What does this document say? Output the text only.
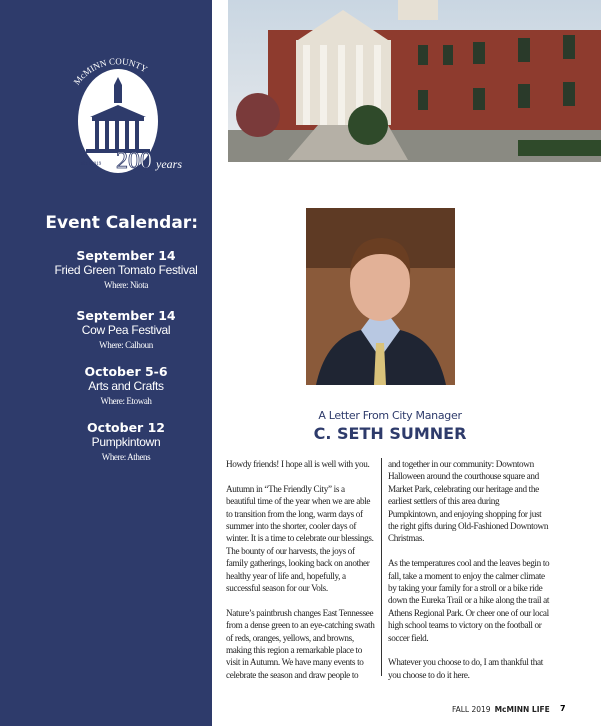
McMINN COUNTY
200 years
1819 2019
Event Calendar:
September 14
Fried Green Tomato Festival
Where: Niota
September 14
Cow Pea Festival
Where: Calhoun
October 5-6
Arts and Crafts
Where: Etowah
October 12
Pumpkintown
Where: Athens
A Letter From City Manager
C. SETH SUMNER

Howdy friends! I hope all is well with you.

Autumn in “The Friendly City” is a beautiful time of the year when we are able to transition from the long, warm days of summer into the shorter, cooler days of winter. It is a time to celebrate our blessings. The bounty of our harvests, the joys of family gatherings, looking back on another healthy year of life and, hopefully, a successful season for our Vols.

Nature’s paintbrush changes East Tennessee from a dense green to an eye-catching swath of reds, oranges, yellows, and browns, making this region a remarkable place to visit in Autumn. We have many events to celebrate the season and draw people to

and together in our community: Downtown Halloween around the courthouse square and Market Park, celebrating our heritage and the earliest settlers of this area during Pumpkintown, and enjoying shopping for just the right gifts during Old-Fashioned Downtown Christmas.

As the temperatures cool and the leaves begin to fall, take a moment to enjoy the calmer climate by taking your family for a stroll or a bike ride down the Eureka Trail or a hike along the trail at Athens Regional Park. Or cheer one of our local high school teams to victory on the football or soccer field.

Whatever you choose to do, I am thankful that you choose to do it here.

FALL 2019 McMINN LIFE 7
